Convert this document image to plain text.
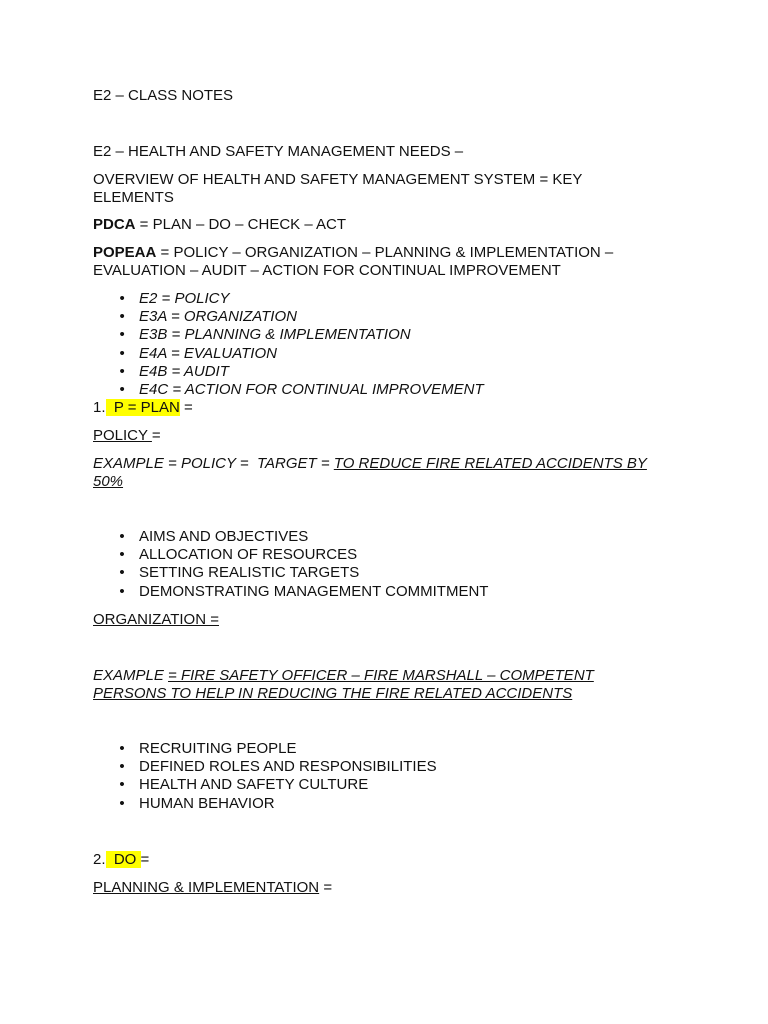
E2 – CLASS NOTES
E2 – HEALTH AND SAFETY MANAGEMENT NEEDS –
OVERVIEW OF HEALTH AND SAFETY MANAGEMENT SYSTEM = KEY ELEMENTS
PDCA = PLAN – DO – CHECK – ACT
POPEAA = POLICY – ORGANIZATION – PLANNING & IMPLEMENTATION – EVALUATION – AUDIT – ACTION FOR CONTINUAL IMPROVEMENT
• E2 = POLICY
• E3A = ORGANIZATION
• E3B = PLANNING & IMPLEMENTATION
• E4A = EVALUATION
• E4B = AUDIT
• E4C = ACTION FOR CONTINUAL IMPROVEMENT
1.  P = PLAN =
POLICY =
EXAMPLE = POLICY =  TARGET = TO REDUCE FIRE RELATED ACCIDENTS BY 50%
• AIMS AND OBJECTIVES
• ALLOCATION OF RESOURCES
• SETTING REALISTIC TARGETS
• DEMONSTRATING MANAGEMENT COMMITMENT
ORGANIZATION =
EXAMPLE = FIRE SAFETY OFFICER – FIRE MARSHALL – COMPETENT PERSONS TO HELP IN REDUCING THE FIRE RELATED ACCIDENTS
• RECRUITING PEOPLE
• DEFINED ROLES AND RESPONSIBILITIES
• HEALTH AND SAFETY CULTURE
• HUMAN BEHAVIOR
2.  DO =
PLANNING & IMPLEMENTATION =
